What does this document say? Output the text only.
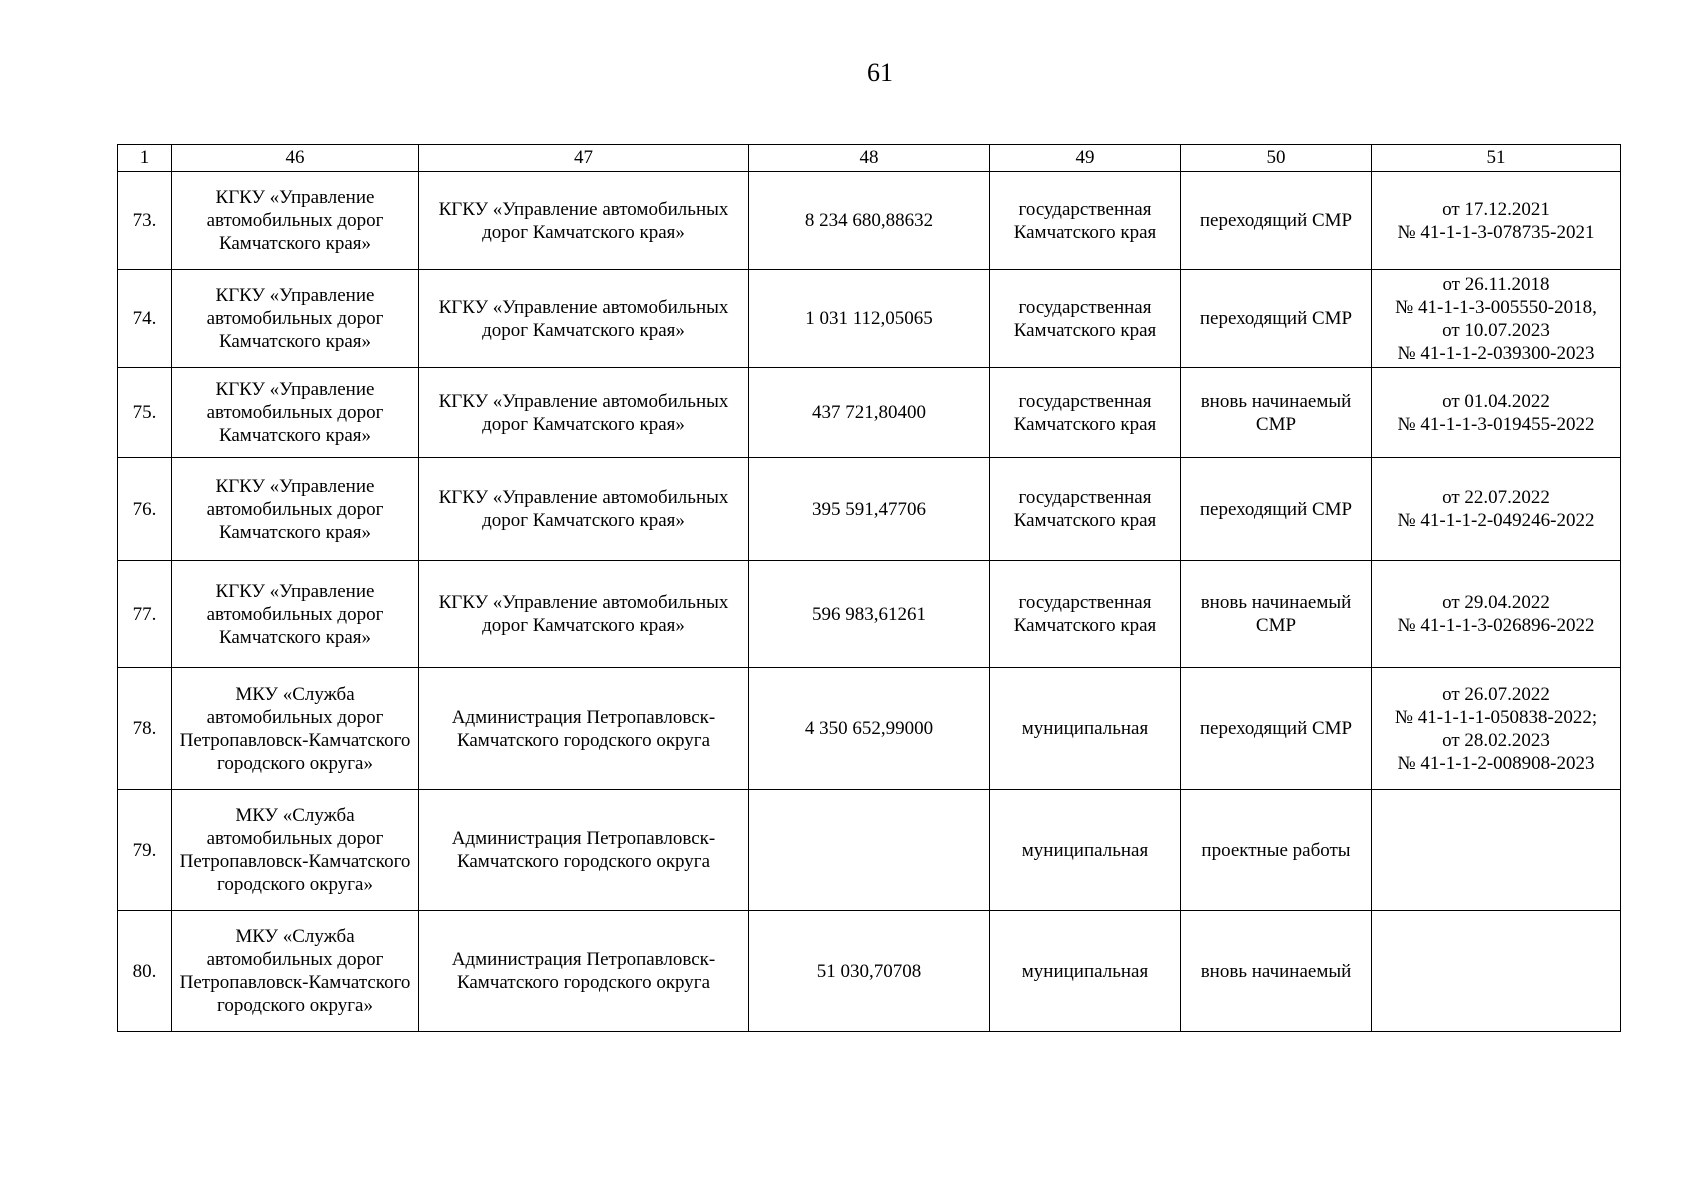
61
1	46	47	48	49	50	51
73.	КГКУ «Управление автомобильных дорог Камчатского края»	КГКУ «Управление автомобильных дорог Камчатского края»	8 234 680,88632	государственная Камчатского края	переходящий СМР	от 17.12.2021
№ 41-1-1-3-078735-2021

74.	КГКУ «Управление автомобильных дорог Камчатского края»	КГКУ «Управление автомобильных дорог Камчатского края»	1 031 112,05065	государственная Камчатского края	переходящий СМР	от 26.11.2018
№ 41-1-1-3-005550-2018,
от 10.07.2023
№ 41-1-1-2-039300-2023

75.	КГКУ «Управление автомобильных дорог Камчатского края»	КГКУ «Управление автомобильных дорог Камчатского края»	437 721,80400	государственная Камчатского края	вновь начинаемый СМР	от 01.04.2022
№ 41-1-1-3-019455-2022

76.	КГКУ «Управление автомобильных дорог Камчатского края»	КГКУ «Управление автомобильных дорог Камчатского края»	395 591,47706	государственная Камчатского края	переходящий СМР	от 22.07.2022
№ 41-1-1-2-049246-2022

77.	КГКУ «Управление автомобильных дорог Камчатского края»	КГКУ «Управление автомобильных дорог Камчатского края»	596 983,61261	государственная Камчатского края	вновь начинаемый СМР	от 29.04.2022
№ 41-1-1-3-026896-2022

78.	МКУ «Служба автомобильных дорог Петропавловск-Камчатского городского округа»	Администрация Петропавловск-Камчатского городского округа	4 350 652,99000	муниципальная	переходящий СМР	от 26.07.2022
№ 41-1-1-1-050838-2022;
от 28.02.2023
№ 41-1-1-2-008908-2023

79.	МКУ «Служба автомобильных дорог Петропавловск-Камчатского городского округа»	Администрация Петропавловск-Камчатского городского округа		муниципальная	проектные работы	
80.	МКУ «Служба автомобильных дорог Петропавловск-Камчатского городского округа»	Администрация Петропавловск-Камчатского городского округа	51 030,70708	муниципальная	вновь начинаемый	
